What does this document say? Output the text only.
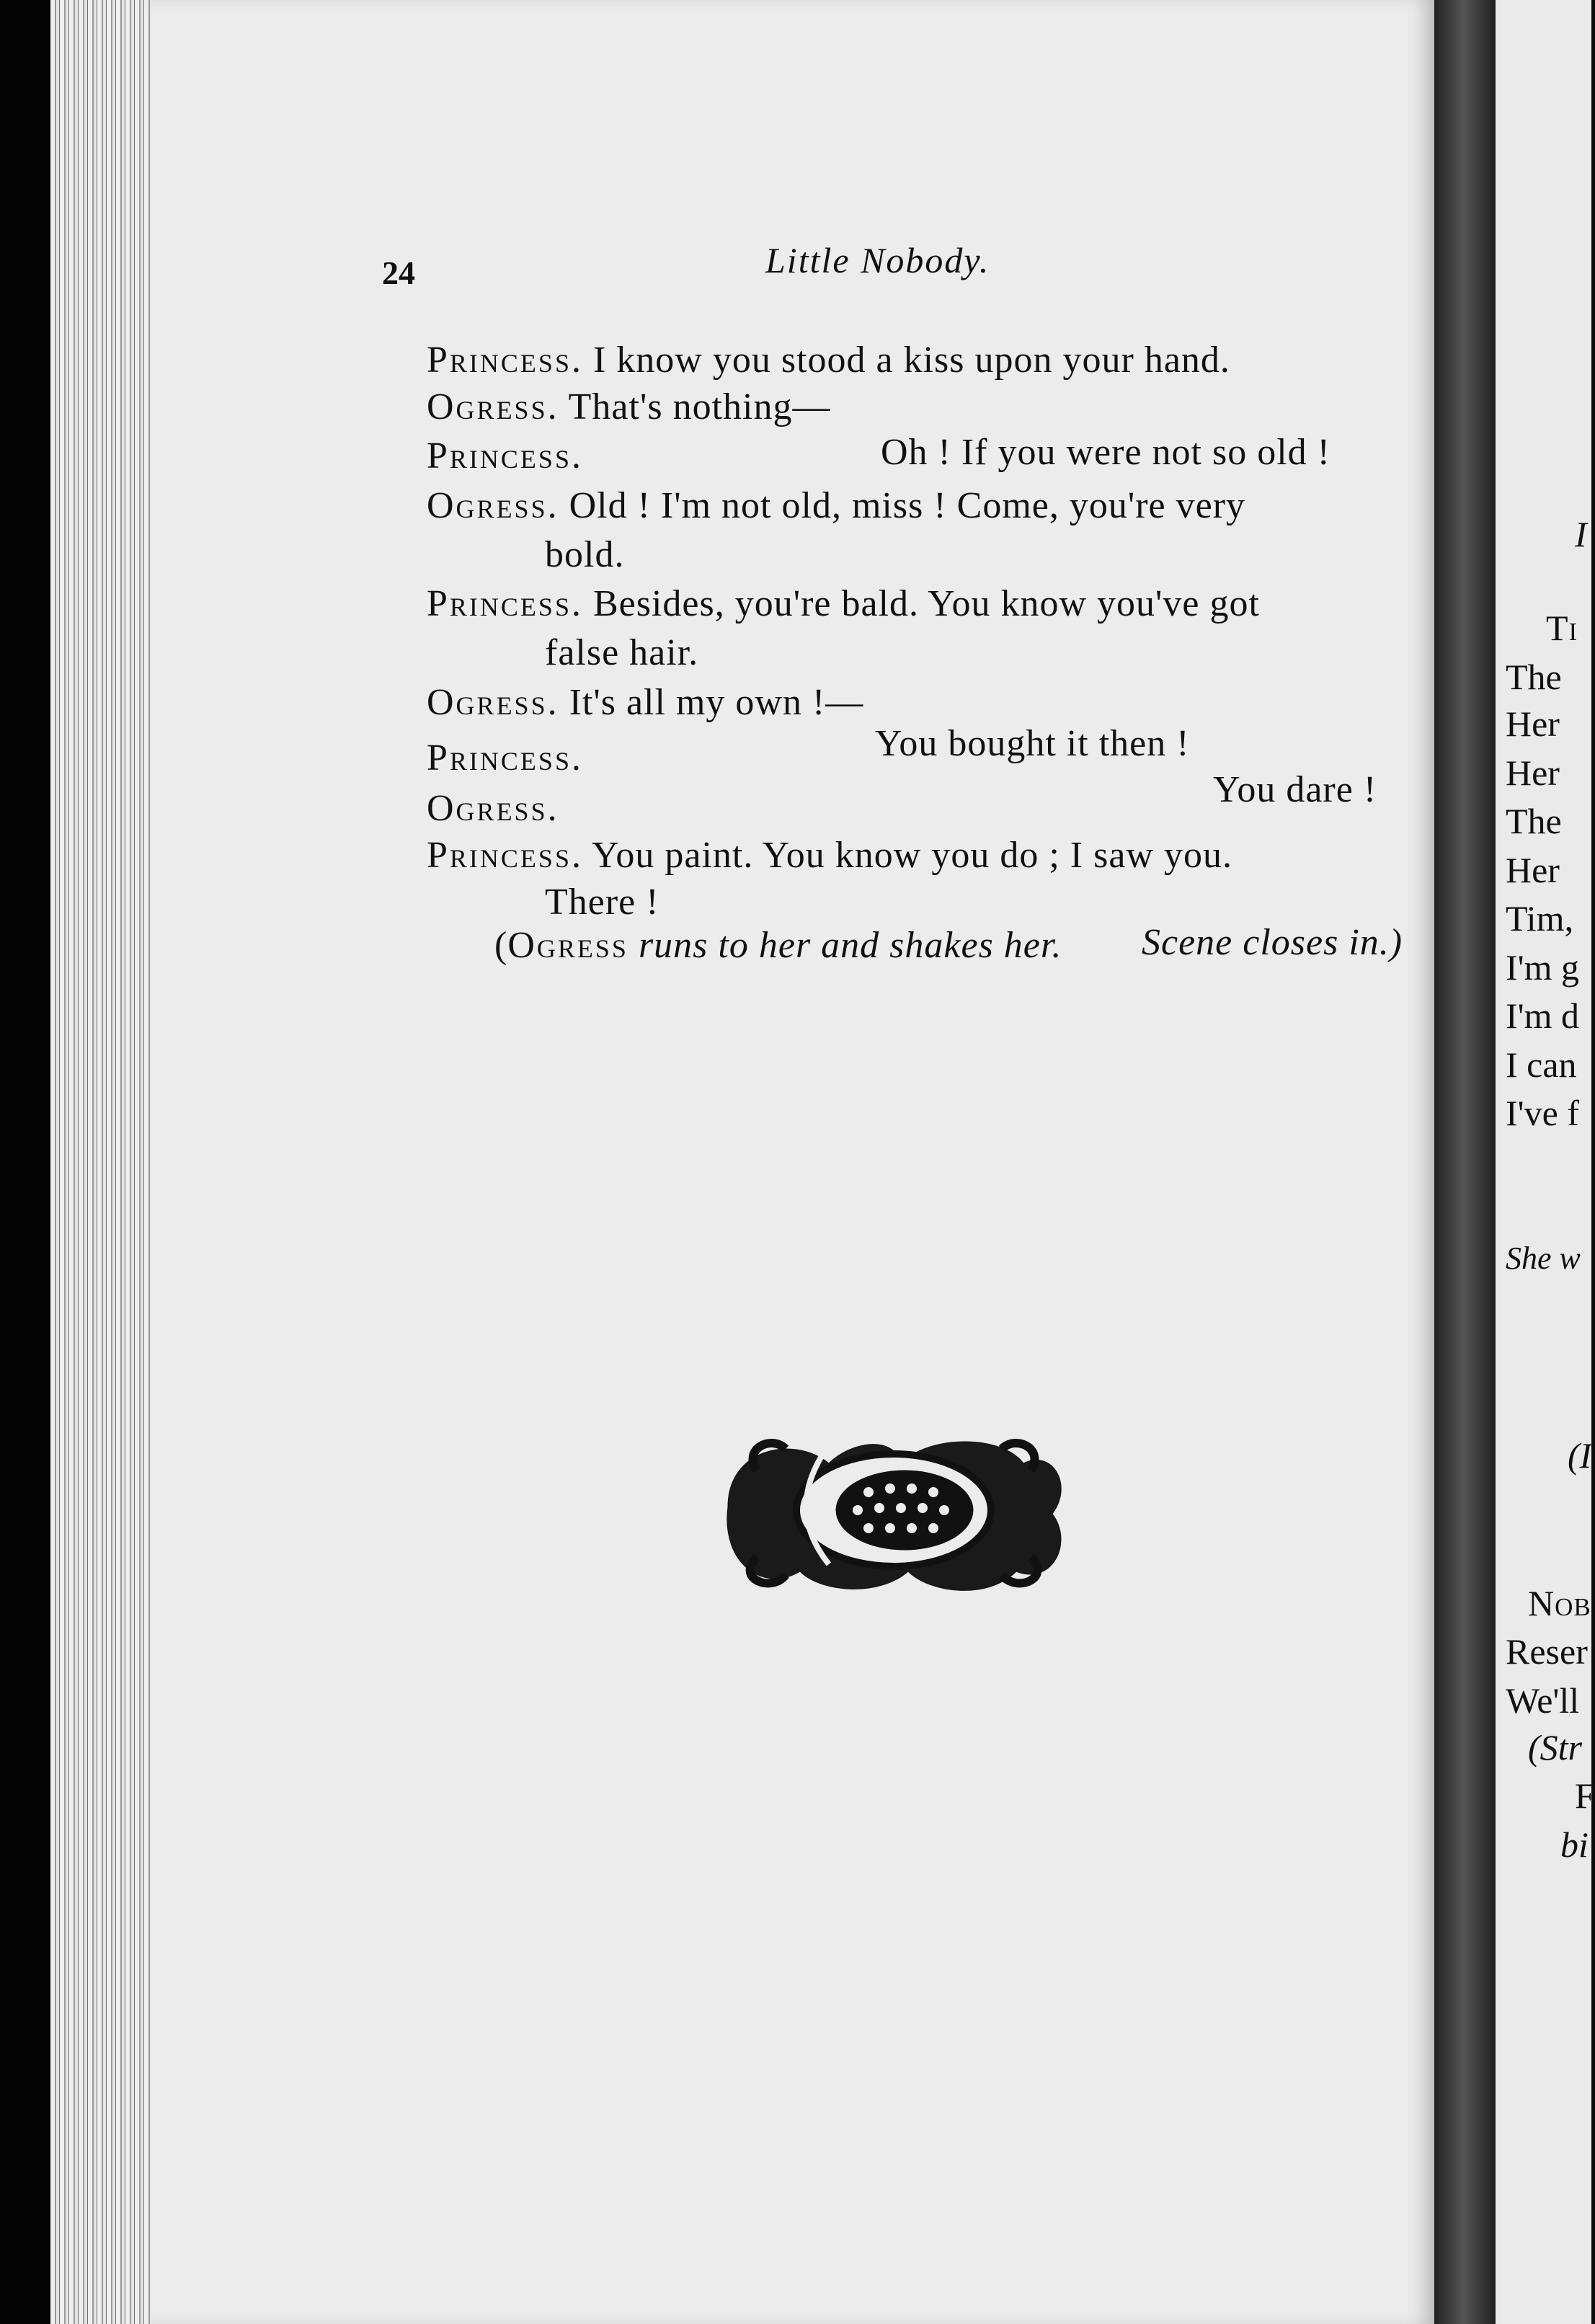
24	Little Nobody.
Princess. I know you stood a kiss upon your hand.
Ogress. That's nothing—
Princess.	Oh ! If you were not so old !
Ogress. Old ! I'm not old, miss ! Come, you're very
bold.
Princess. Besides, you're bald. You know you've got
false hair.
Ogress. It's all my own !—
Princess.	You bought it then !
Ogress.	You dare !
Princess. You paint. You know you do ; I saw you.
There !
(Ogress runs to her and shakes her. Scene closes in.)
I
Ti
The
Her
Her
The
Her
Tim,
I'm g
I'm d
I can
I've f
She w
(I
Nob
Reser
We'll
(Str
F
bi
